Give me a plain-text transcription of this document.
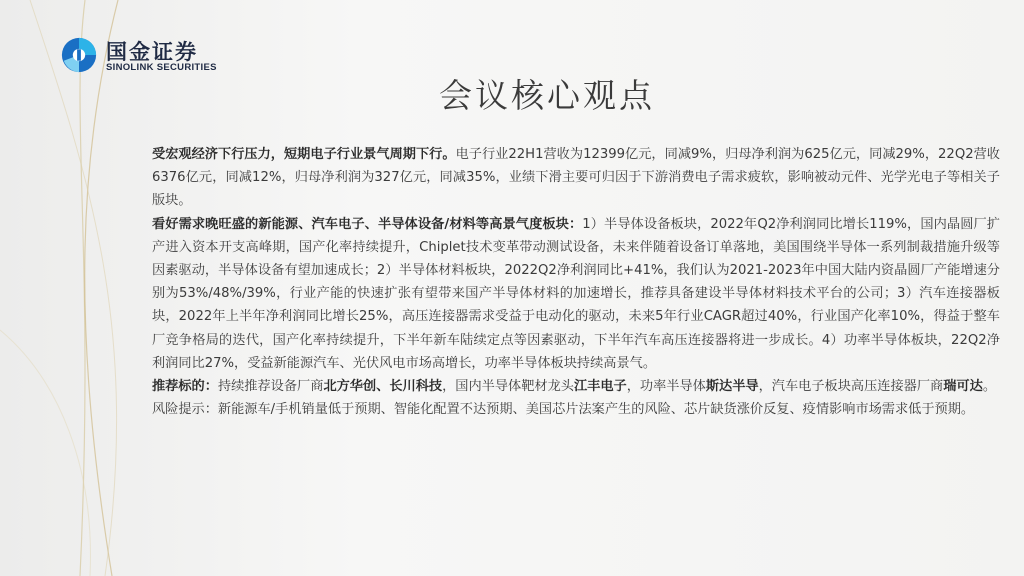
国金证券
SINOLINK SECURITIES
会议核心观点

受宏观经济下行压力，短期电子行业景气周期下行。电子行业22H1营收为12399亿元，同减9%，归母净利润为625亿元，同减29%，22Q2营收6376亿元，同减12%，归母净利润为327亿元，同减35%，业绩下滑主要可归因于下游消费电子需求疲软，影响被动元件、光学光电子等相关子版块。

看好需求晚旺盛的新能源、汽车电子、半导体设备/材料等高景气度板块：1）半导体设备板块，2022年Q2净利润同比增长119%，国内晶圆厂扩产进入资本开支高峰期，国产化率持续提升，Chiplet技术变革带动测试设备，未来伴随着设备订单落地，美国围绕半导体一系列制裁措施升级等因素驱动，半导体设备有望加速成长；2）半导体材料板块，2022Q2净利润同比+41%，我们认为2021-2023年中国大陆内资晶圆厂产能增速分别为53%/48%/39%，行业产能的快速扩张有望带来国产半导体材料的加速增长，推荐具备建设半导体材料技术平台的公司；3）汽车连接器板块，2022年上半年净利润同比增长25%，高压连接器需求受益于电动化的驱动，未来5年行业CAGR超过40%，行业国产化率10%，得益于整车厂竞争格局的迭代，国产化率持续提升，下半年新车陆续定点等因素驱动，下半年汽车高压连接器将进一步成长。4）功率半导体板块，22Q2净利润同比27%，受益新能源汽车、光伏风电市场高增长，功率半导体板块持续高景气。

推荐标的：持续推荐设备厂商北方华创、长川科技，国内半导体靶材龙头江丰电子，功率半导体斯达半导，汽车电子板块高压连接器厂商瑞可达。

风险提示：新能源车/手机销量低于预期、智能化配置不达预期、美国芯片法案产生的风险、芯片缺货涨价反复、疫情影响市场需求低于预期。
